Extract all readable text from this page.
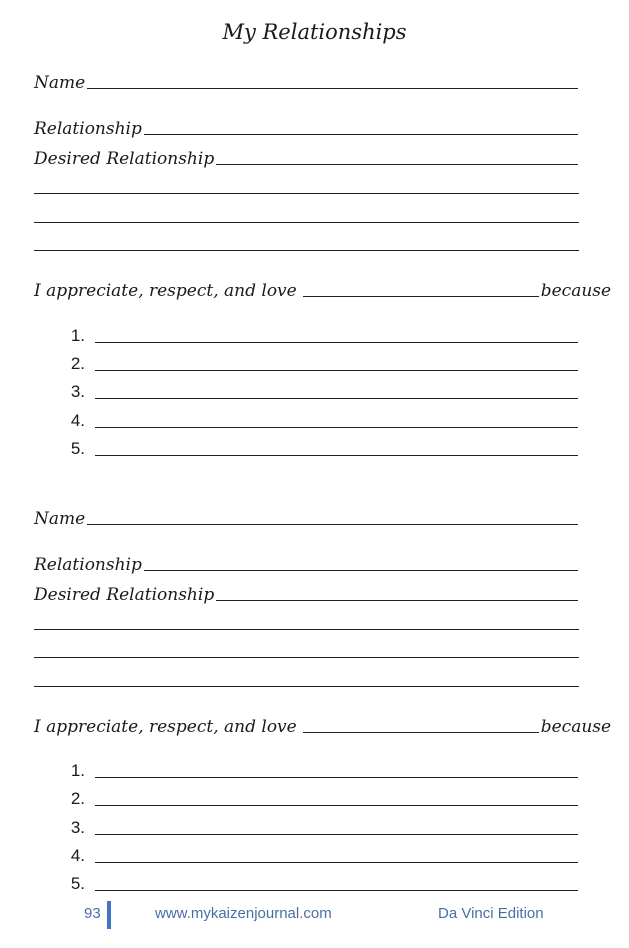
My Relationships
Name
Relationship
Desired Relationship
I appreciate, respect, and love	because
1.
2.
3.
4.
5.
Name
Relationship
Desired Relationship
I appreciate, respect, and love	because
1.
2.
3.
4.
5.
93	www.mykaizenjournal.com	Da Vinci Edition
